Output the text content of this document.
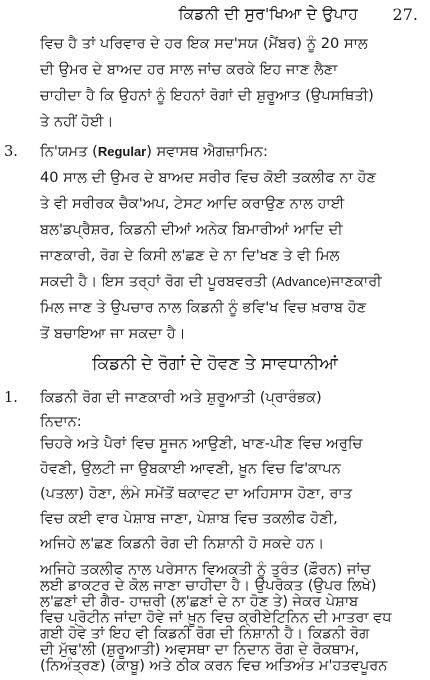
ਕਿਡਨੀ ਦੀ ਸੁਰ'ਖਿਆ ਦੇ ਉਪਾਹ 27.
ਵਿਚ ਹੈ ਤਾਂ ਪਰਿਵਾਰ ਦੇ ਹਰ ਇਕ ਸਦ'ਸਯ (ਮੈਂਬਰ) ਨੂੰ 20 ਸਾਲ
ਦੀ ਉਮਰ ਦੇ ਬਾਅਦ ਹਰ ਸਾਲ ਜਾਂਚ ਕਰਕੇ ਇਹ ਜਾਣ ਲੈਣਾ
ਚਾਹੀਦਾ ਹੈ ਕਿ ਉਹਨਾਂ ਨੂੰ ਇਹਨਾਂ ਰੋਗਾਂ ਦੀ ਸ਼ੁਰੂਆਤ (ਉਪਸਥਿਤੀ)
ਤੇ ਨਹੀਂ ਹੋਈ।
3. ਨਿ'ਯਮਤ (Regular) ਸਵਾਸਥ ਐਗਜ਼ਾਮਿਨ:
40 ਸਾਲ ਦੀ ਉਮਰ ਦੇ ਬਾਅਦ ਸਰੀਰ ਵਿਚ ਕੋਈ ਤਕਲੀਫ ਨਾ ਹੋਣ
ਤੇ ਵੀ ਸਰੀਰਕ ਚੈਕ'ਅਪ, ਟੇਸਟ ਆਦਿ ਕਰਾਉਣ ਨਾਲ ਹਾਈ
ਬਲ'ਡਪ੍ਰੈਸ਼ਰ, ਕਿਡਨੀ ਦੀਆਂ ਅਨੇਕ ਬਿਮਾਰੀਆਂ ਆਦਿ ਦੀ
ਜਾਣਕਾਰੀ, ਰੋਗ ਦੇ ਕਿਸੀ ਲ'ਛਣ ਦੇ ਨਾ ਦਿ'ਖਣ ਤੇ ਵੀ ਮਿਲ
ਸਕਦੀ ਹੈ। ਇਸ ਤਰ੍ਹਾਂ ਰੋਗ ਦੀ ਪੂਰਬਵਰਤੀ (Advance)ਜਾਣਕਾਰੀ
ਮਿਲ ਜਾਣ ਤੇ ਉਪਚਾਰ ਨਾਲ ਕਿਡਨੀ ਨੂੰ ਭਵਿ'ਖ ਵਿਚ ਖ਼ਰਾਬ ਹੋਣ
ਤੋਂ ਬਚਾਇਆ ਜਾ ਸਕਦਾ ਹੈ।
ਕਿਡਨੀ ਦੇ ਰੋਗਾਂ ਦੇ ਹੋਵਣ ਤੇ ਸਾਵਧਾਨੀਆਂ
1. ਕਿਡਨੀ ਰੋਗ ਦੀ ਜਾਣਕਾਰੀ ਅਤੇ ਸ਼ੁਰੂਆਤੀ (ਪ੍ਰਾਰੰਭਕ)
ਨਿਦਾਨ:
ਚਿਹਰੇ ਅਤੇ ਪੈਰਾਂ ਵਿਚ ਸੂਜਨ ਆਉਣੀ, ਖਾਣ-ਪੀਣ ਵਿਚ ਅਰੁਚਿ
ਹੋਵਣੀ, ਉਲਟੀ ਜਾ ਉਬਕਾਈ ਆਵਣੀ, ਖ਼ੂਨ ਵਿਚ ਫਿ'ਕਾਪਨ
(ਪਤਲਾ) ਹੋਣਾ, ਲੰਮੇ ਸਮੇਂਤੋਂ ਥਕਾਵਟ ਦਾ ਅਹਿਸਾਸ ਹੋਣਾ, ਰਾਤ
ਵਿਚ ਕਈ ਵਾਰ ਪੇਸ਼ਾਬ ਜਾਣਾ, ਪੇਸ਼ਾਬ ਵਿਚ ਤਕਲੀਫ ਹੋਣੀ,
ਅਜਿਹੇ ਲ'ਛਣ ਕਿਡਨੀ ਰੋਗ ਦੀ ਨਿਸ਼ਾਨੀ ਹੋ ਸਕਦੇ ਹਨ।
ਅਜਿਹੇ ਤਕਲੀਫ ਨਾਲ ਪਰੇਸਾਨ ਵਿਅਕਤੀ ਨੂੰ ਤੁਰੰਤ (ਫ਼ੌਰਨ) ਜਾਂਚ
ਲਈ ਡਾਕਟਰ ਦੇ ਕੋਲ ਜਾਣਾ ਚਾਹੀਦਾ ਹੈ। ਉਪਰੋਕਤ (ਉਪਰ ਲਿਖੇ)
ਲ'ਛਣਾਂ ਦੀ ਗੈਰ- ਹਾਜ਼ਰੀ (ਲ'ਛਣਾਂ ਦੇ ਨਾ ਹੋਣ ਤੇ) ਜੇਕਰ ਪੇਸ਼ਾਬ
ਵਿਚ ਪ੍ਰੋਟੀਨ ਜਾਂਦਾ ਹੋਵੇ ਜਾਂ ਖ਼ੂਨ ਵਿਚ ਕ੍ਰੀਏਟਿਨਿਨ ਦੀ ਮਾਤਰਾ ਵਧ
ਗਈ ਹੋਵੇ ਤਾਂ ਇਹ ਵੀ ਕਿਡਨੀ ਰੋਗ ਦੀ ਨਿਸ਼ਾਨੀ ਹੈ। ਕਿਡਨੀ ਰੋਗ
ਦੀ ਮੁੱਢ'ਲੀ (ਸ਼ੁਰੂਆਤੀ) ਅਵਸਥਾ ਦਾ ਨਿਦਾਨ ਰੋਗ ਦੇ ਰੋਕਥਾਮ,
(ਨਿਅੰਤ੍ਰਣ) (ਕਾਬੂ) ਅਤੇ ਠੀਕ ਕਰਨ ਵਿਚ ਅਤਿਅੰਤ ਮ'ਹਤਵਪੂਰਨ
